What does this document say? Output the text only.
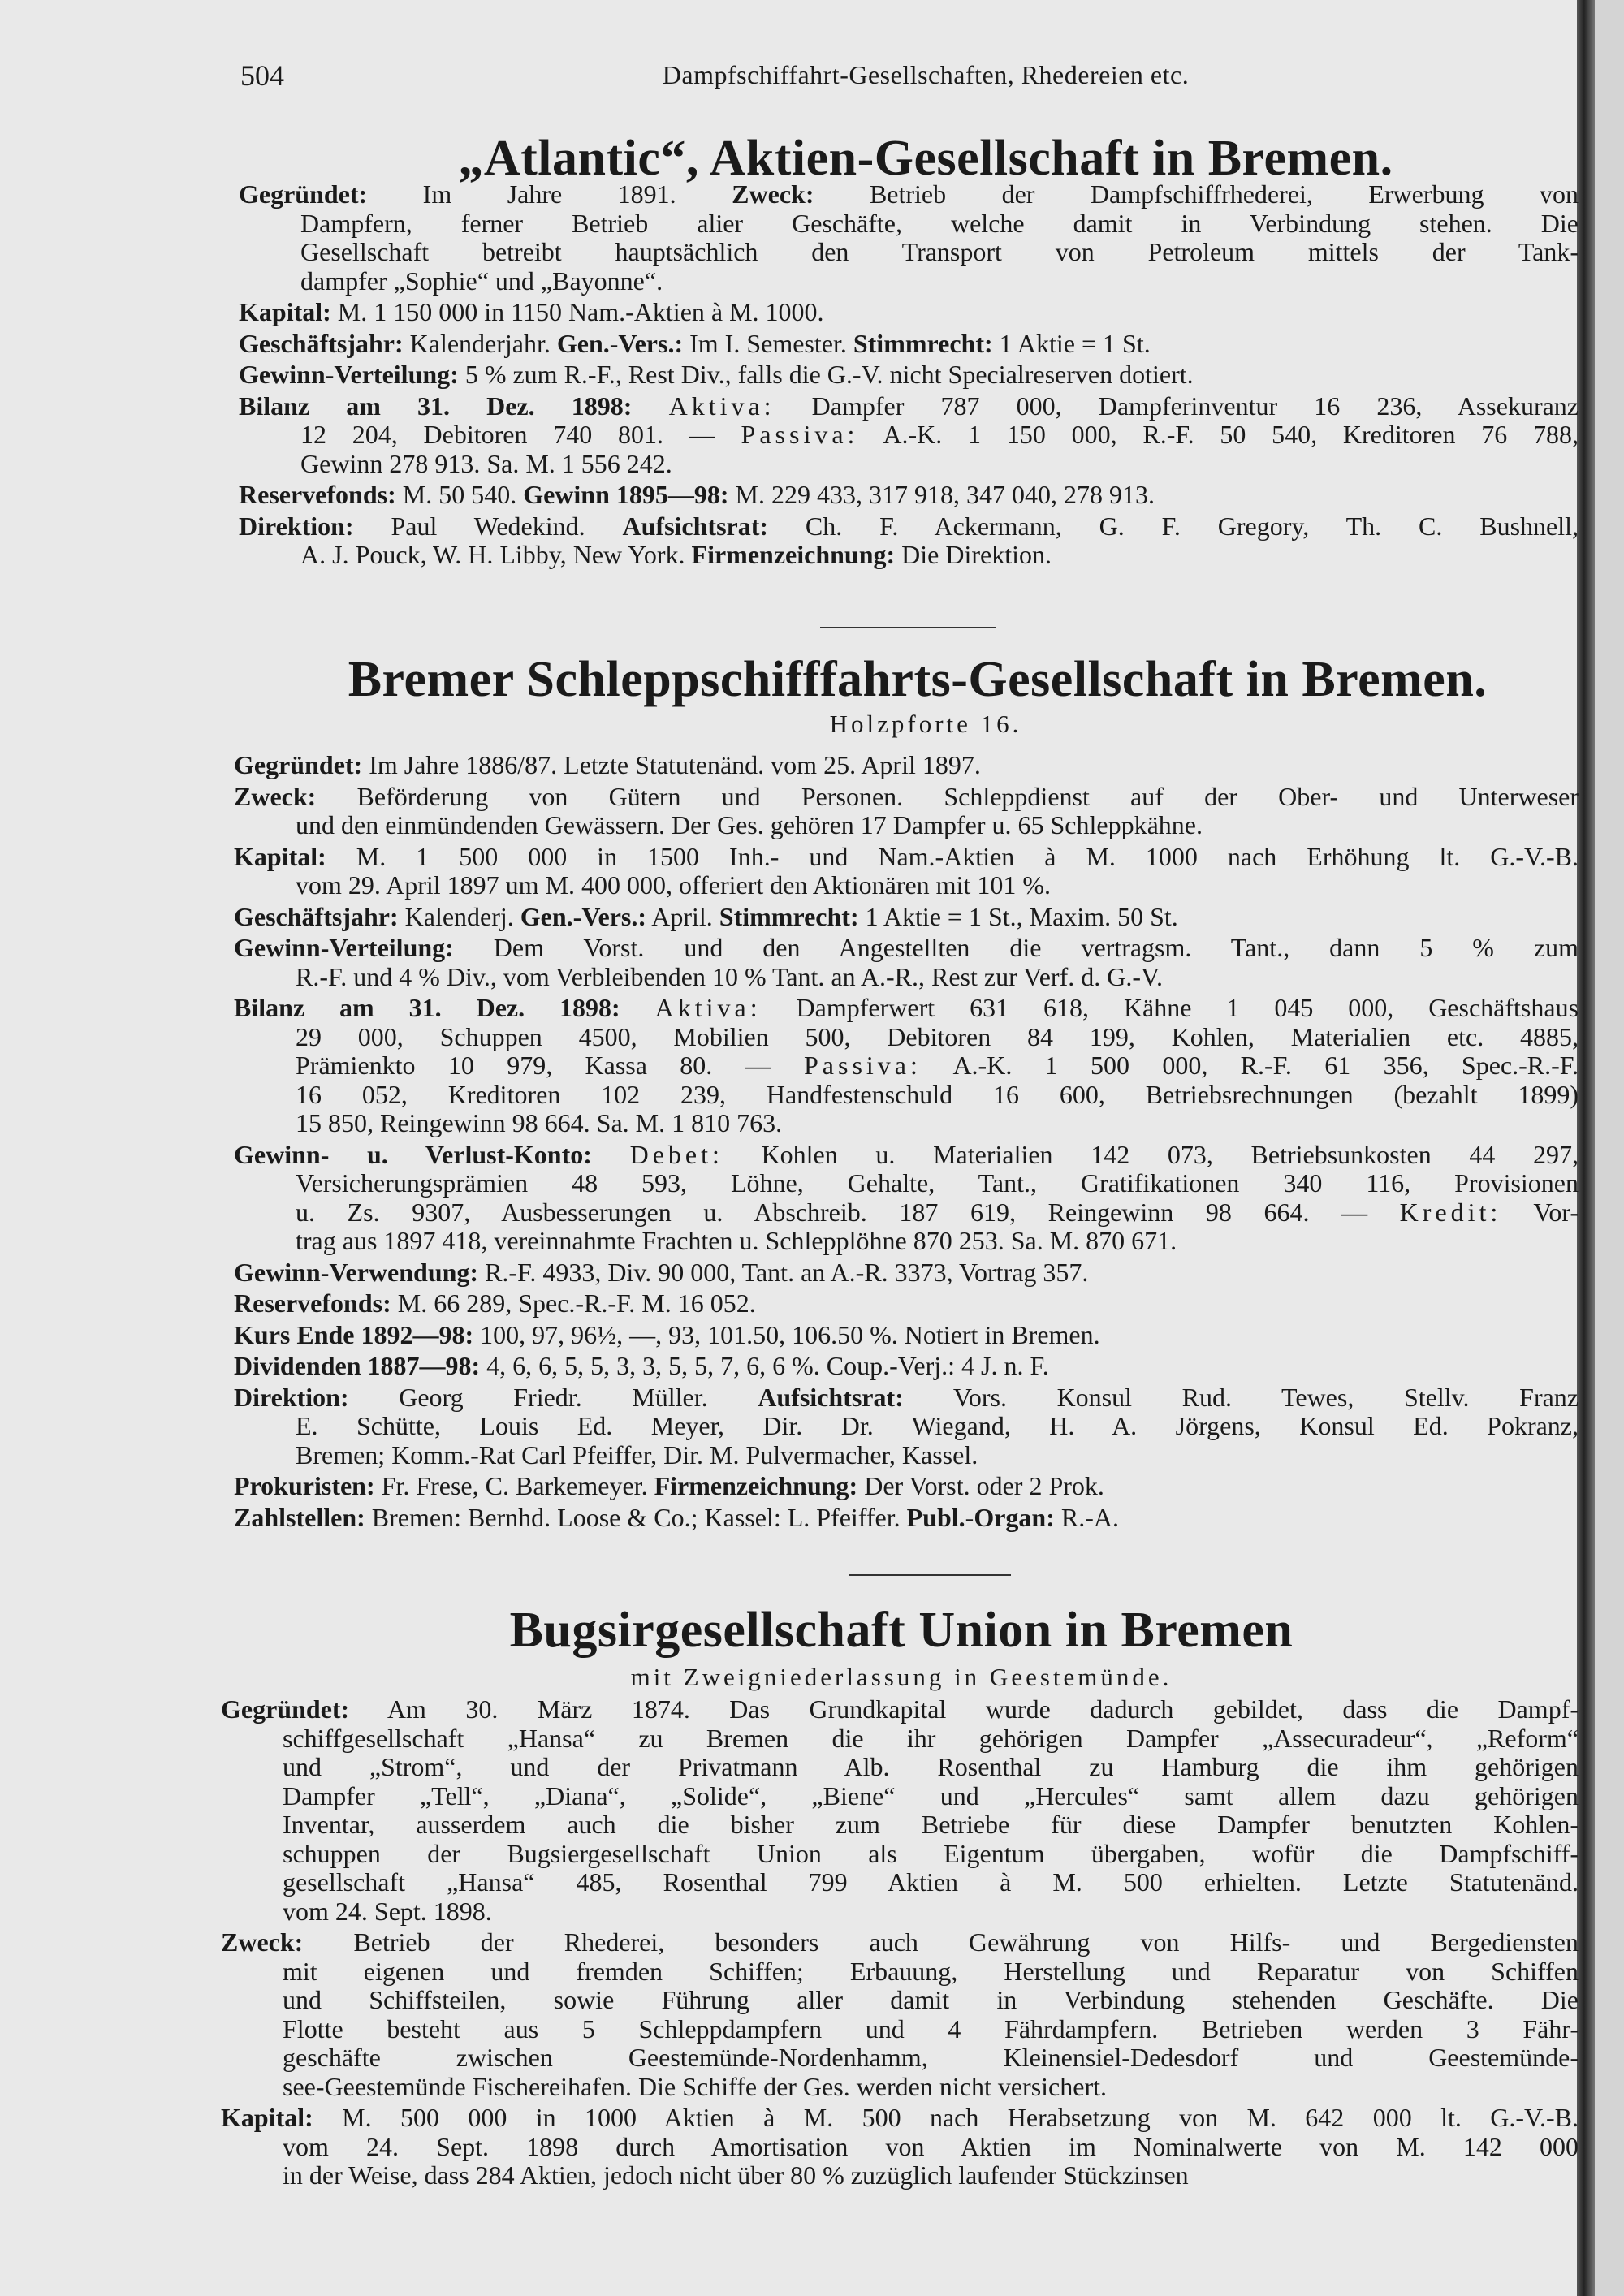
504	Dampfschiffahrt-Gesellschaften, Rhedereien etc.
„Atlantic“, Aktien-Gesellschaft in Bremen.
Gegründet: Im Jahre 1891. Zweck: Betrieb der Dampfschiffrhederei, Erwerbung von
Dampfern, ferner Betrieb alier Geschäfte, welche damit in Verbindung stehen. Die
Gesellschaft betreibt hauptsächlich den Transport von Petroleum mittels der Tank-
dampfer „Sophie“ und „Bayonne“.
Kapital: M. 1 150 000 in 1150 Nam.-Aktien à M. 1000.
Geschäftsjahr: Kalenderjahr. Gen.-Vers.: Im I. Semester. Stimmrecht: 1 Aktie = 1 St.
Gewinn-Verteilung: 5 % zum R.-F., Rest Div., falls die G.-V. nicht Specialreserven dotiert.
Bilanz am 31. Dez. 1898: Aktiva: Dampfer 787 000, Dampferinventur 16 236, Assekuranz
12 204, Debitoren 740 801. — Passiva: A.-K. 1 150 000, R.-F. 50 540, Kreditoren 76 788,
Gewinn 278 913. Sa. M. 1 556 242.
Reservefonds: M. 50 540. Gewinn 1895—98: M. 229 433, 317 918, 347 040, 278 913.
Direktion: Paul Wedekind. Aufsichtsrat: Ch. F. Ackermann, G. F. Gregory, Th. C. Bushnell,
A. J. Pouck, W. H. Libby, New York. Firmenzeichnung: Die Direktion.
Bremer Schleppschifffahrts-Gesellschaft in Bremen.
Holzpforte 16.
Gegründet: Im Jahre 1886/87. Letzte Statutenänd. vom 25. April 1897.
Zweck: Beförderung von Gütern und Personen. Schleppdienst auf der Ober- und Unterweser
und den einmündenden Gewässern. Der Ges. gehören 17 Dampfer u. 65 Schleppkähne.
Kapital: M. 1 500 000 in 1500 Inh.- und Nam.-Aktien à M. 1000 nach Erhöhung lt. G.-V.-B.
vom 29. April 1897 um M. 400 000, offeriert den Aktionären mit 101 %.
Geschäftsjahr: Kalenderj. Gen.-Vers.: April. Stimmrecht: 1 Aktie = 1 St., Maxim. 50 St.
Gewinn-Verteilung: Dem Vorst. und den Angestellten die vertragsm. Tant., dann 5 % zum
R.-F. und 4 % Div., vom Verbleibenden 10 % Tant. an A.-R., Rest zur Verf. d. G.-V.
Bilanz am 31. Dez. 1898: Aktiva: Dampferwert 631 618, Kähne 1 045 000, Geschäftshaus
29 000, Schuppen 4500, Mobilien 500, Debitoren 84 199, Kohlen, Materialien etc. 4885,
Prämienkto 10 979, Kassa 80. — Passiva: A.-K. 1 500 000, R.-F. 61 356, Spec.-R.-F.
16 052, Kreditoren 102 239, Handfestenschuld 16 600, Betriebsrechnungen (bezahlt 1899)
15 850, Reingewinn 98 664. Sa. M. 1 810 763.
Gewinn- u. Verlust-Konto: Debet: Kohlen u. Materialien 142 073, Betriebsunkosten 44 297,
Versicherungsprämien 48 593, Löhne, Gehalte, Tant., Gratifikationen 340 116, Provisionen
u. Zs. 9307, Ausbesserungen u. Abschreib. 187 619, Reingewinn 98 664. — Kredit: Vor-
trag aus 1897 418, vereinnahmte Frachten u. Schlepplöhne 870 253. Sa. M. 870 671.
Gewinn-Verwendung: R.-F. 4933, Div. 90 000, Tant. an A.-R. 3373, Vortrag 357.
Reservefonds: M. 66 289, Spec.-R.-F. M. 16 052.
Kurs Ende 1892—98: 100, 97, 96½, —, 93, 101.50, 106.50 %. Notiert in Bremen.
Dividenden 1887—98: 4, 6, 6, 5, 5, 3, 3, 5, 5, 7, 6, 6 %. Coup.-Verj.: 4 J. n. F.
Direktion: Georg Friedr. Müller. Aufsichtsrat: Vors. Konsul Rud. Tewes, Stellv. Franz
E. Schütte, Louis Ed. Meyer, Dir. Dr. Wiegand, H. A. Jörgens, Konsul Ed. Pokranz,
Bremen; Komm.-Rat Carl Pfeiffer, Dir. M. Pulvermacher, Kassel.
Prokuristen: Fr. Frese, C. Barkemeyer. Firmenzeichnung: Der Vorst. oder 2 Prok.
Zahlstellen: Bremen: Bernhd. Loose & Co.; Kassel: L. Pfeiffer. Publ.-Organ: R.-A.
Bugsirgesellschaft Union in Bremen
mit Zweigniederlassung in Geestemünde.
Gegründet: Am 30. März 1874. Das Grundkapital wurde dadurch gebildet, dass die Dampf-
schiffgesellschaft „Hansa“ zu Bremen die ihr gehörigen Dampfer „Assecuradeur“, „Reform“
und „Strom“, und der Privatmann Alb. Rosenthal zu Hamburg die ihm gehörigen
Dampfer „Tell“, „Diana“, „Solide“, „Biene“ und „Hercules“ samt allem dazu gehörigen
Inventar, ausserdem auch die bisher zum Betriebe für diese Dampfer benutzten Kohlen-
schuppen der Bugsiergesellschaft Union als Eigentum übergaben, wofür die Dampfschiff-
gesellschaft „Hansa“ 485, Rosenthal 799 Aktien à M. 500 erhielten. Letzte Statutenänd.
vom 24. Sept. 1898.
Zweck: Betrieb der Rhederei, besonders auch Gewährung von Hilfs- und Bergediensten
mit eigenen und fremden Schiffen; Erbauung, Herstellung und Reparatur von Schiffen
und Schiffsteilen, sowie Führung aller damit in Verbindung stehenden Geschäfte. Die
Flotte besteht aus 5 Schleppdampfern und 4 Fährdampfern. Betrieben werden 3 Fähr-
geschäfte zwischen Geestemünde-Nordenhamm, Kleinensiel-Dedesdorf und Geestemünde-
see-Geestemünde Fischereihafen. Die Schiffe der Ges. werden nicht versichert.
Kapital: M. 500 000 in 1000 Aktien à M. 500 nach Herabsetzung von M. 642 000 lt. G.-V.-B.
vom 24. Sept. 1898 durch Amortisation von Aktien im Nominalwerte von M. 142 000
in der Weise, dass 284 Aktien, jedoch nicht über 80 % zuzüglich laufender Stückzinsen
